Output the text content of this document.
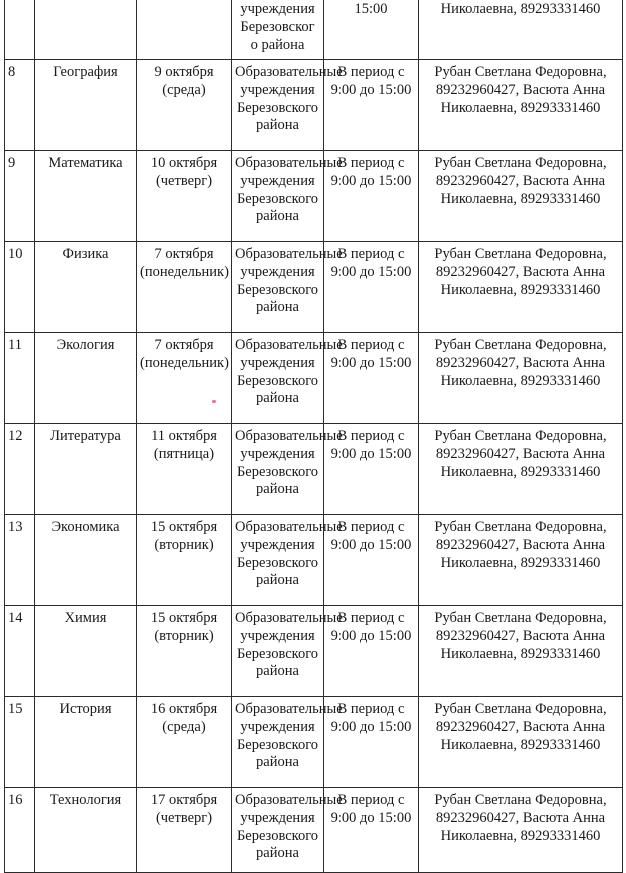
			учреждения Березовског о района	15:00	Николаевна, 89293331460
8	География	9 октября (среда)	Образовательные учреждения Березовского района	В период с 9:00 до 15:00	Рубан Светлана Федоровна, 89232960427, Васюта Анна Николаевна, 89293331460
9	Математика	10 октября (четверг)	Образовательные учреждения Березовского района	В период с 9:00 до 15:00	Рубан Светлана Федоровна, 89232960427, Васюта Анна Николаевна, 89293331460
10	Физика	7 октября (понедельник)	Образовательные учреждения Березовского района	В период с 9:00 до 15:00	Рубан Светлана Федоровна, 89232960427, Васюта Анна Николаевна, 89293331460
11	Экология	7 октября (понедельник)	Образовательные учреждения Березовского района	В период с 9:00 до 15:00	Рубан Светлана Федоровна, 89232960427, Васюта Анна Николаевна, 89293331460
12	Литература	11 октября (пятница)	Образовательные учреждения Березовского района	В период с 9:00 до 15:00	Рубан Светлана Федоровна, 89232960427, Васюта Анна Николаевна, 89293331460
13	Экономика	15 октября (вторник)	Образовательные учреждения Березовского района	В период с 9:00 до 15:00	Рубан Светлана Федоровна, 89232960427, Васюта Анна Николаевна, 89293331460
14	Химия	15 октября (вторник)	Образовательные учреждения Березовского района	В период с 9:00 до 15:00	Рубан Светлана Федоровна, 89232960427, Васюта Анна Николаевна, 89293331460
15	История	16 октября (среда)	Образовательные учреждения Березовского района	В период с 9:00 до 15:00	Рубан Светлана Федоровна, 89232960427, Васюта Анна Николаевна, 89293331460
16	Технология	17 октября (четверг)	Образовательные учреждения Березовского района	В период с 9:00 до 15:00	Рубан Светлана Федоровна, 89232960427, Васюта Анна Николаевна, 89293331460
